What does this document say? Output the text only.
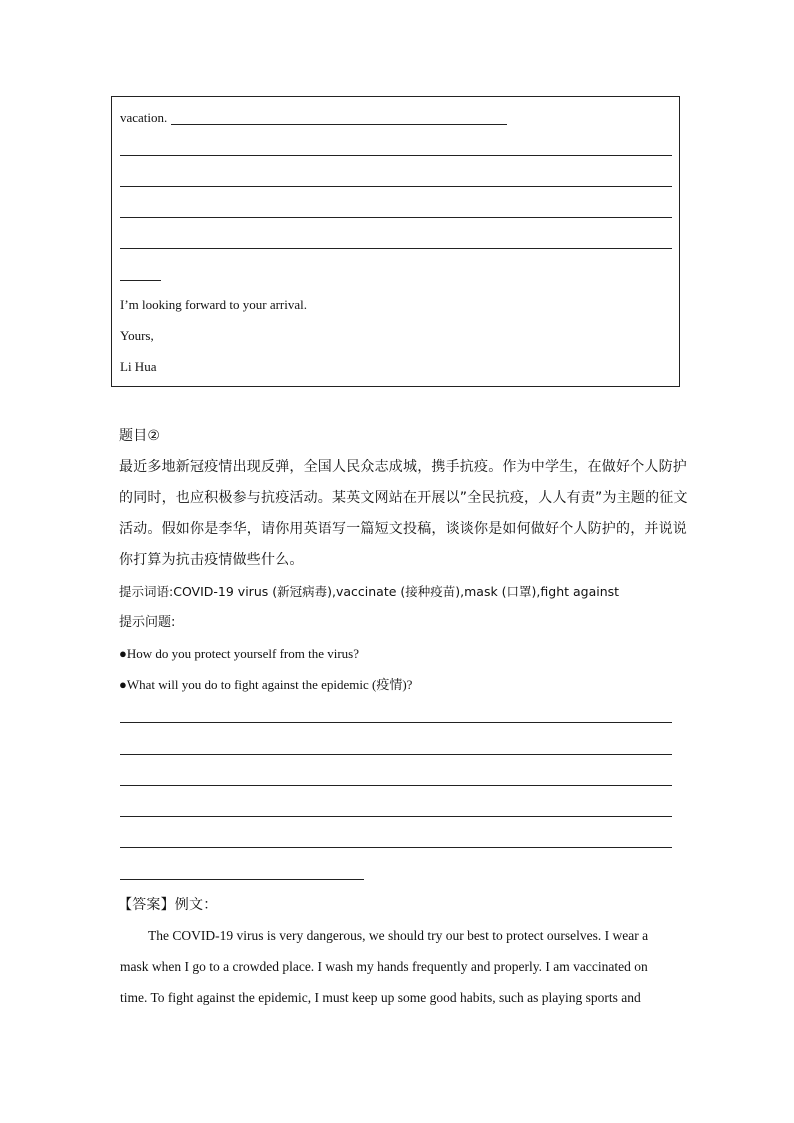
vacation.
I’m looking forward to your arrival.
Yours,
Li Hua
题目②
最近多地新冠疫情出现反弹，全国人民众志成城，携手抗疫。作为中学生，在做好个人防护
的同时，也应积极参与抗疫活动。某英文网站在开展以”全民抗疫，人人有责”为主题的征文
活动。假如你是李华，请你用英语写一篇短文投稿，谈谈你是如何做好个人防护的，并说说
你打算为抗击疫情做些什么。
提示词语:COVID-19 virus (新冠病毒),vaccinate (接种疫苗),mask (口罩),fight against
提示问题:
●How do you protect yourself from the virus?
●What will you do to fight against the epidemic (疫情)?
【答案】例文：
The COVID-19 virus is very dangerous, we should try our best to protect ourselves. I wear a
mask when I go to a crowded place. I wash my hands frequently and properly. I am vaccinated on
time. To fight against the epidemic, I must keep up some good habits, such as playing sports and
